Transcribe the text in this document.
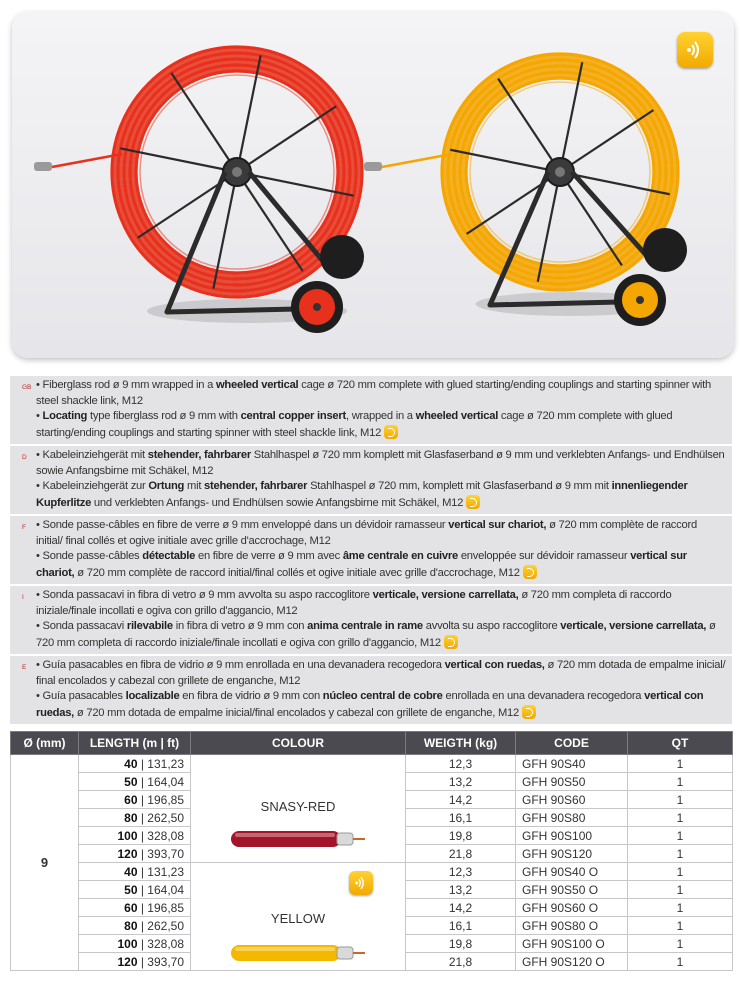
GB • Fiberglass rod ø 9 mm wrapped in a wheeled vertical cage ø 720 mm complete with glued starting/ending couplings and starting spinner with steel shackle link, M12
• Locating type fiberglass rod ø 9 mm with central copper insert, wrapped in a wheeled vertical cage ø 720 mm complete with glued starting/ending couplings and starting spinner with steel shackle link, M12
D • Kabeleinziehgerät mit stehender, fahrbarer Stahlhaspel ø 720 mm komplett mit Glasfaserband ø 9 mm und verklebten Anfangs- und Endhülsen sowie Anfangsbirne mit Schäkel, M12
• Kabeleinziehgerät zur Ortung mit stehender, fahrbarer Stahlhaspel ø 720 mm, komplett mit Glasfaserband ø 9 mm mit innenliegender Kupferlitze und verklebten Anfangs- und Endhülsen sowie Anfangsbirne mit Schäkel, M12
F • Sonde passe-câbles en fibre de verre ø 9 mm enveloppé dans un dévidoir ramasseur vertical sur chariot, ø 720 mm complète de raccord initial/ final collés et ogive initiale avec grille d'accrochage, M12
• Sonde passe-câbles détectable en fibre de verre ø 9 mm avec âme centrale en cuivre enveloppée sur dévidoir ramasseur vertical sur chariot, ø 720 mm complète de raccord initial/final collés et ogive initiale avec grille d'accrochage, M12
I • Sonda passacavi in fibra di vetro ø 9 mm avvolta su aspo raccoglitore verticale, versione carrellata, ø 720 mm completa di raccordo iniziale/finale incollati e ogiva con grillo d'aggancio, M12
• Sonda passacavi rilevabile in fibra di vetro ø 9 mm con anima centrale in rame avvolta su aspo raccoglitore verticale, versione carrellata, ø 720 mm completa di raccordo iniziale/finale incollati e ogiva con grillo d'aggancio, M12
E • Guía pasacables en fibra de vidrio ø 9 mm enrollada en una devanadera recogedora vertical con ruedas, ø 720 mm dotada de empalme inicial/ final encolados y cabezal con grillete de enganche, M12
• Guía pasacables localizable en fibra de vidrio ø 9 mm con núcleo central de cobre enrollada en una devanadera recogedora vertical con ruedas, ø 720 mm dotada de empalme inicial/final encolados y cabezal con grillete de enganche, M12
Ø (mm)	LENGTH (m | ft)	COLOUR	WEIGTH (kg)	CODE	QT
9	40 | 131,23	SNASY-RED	12,3	GFH 90S40	1
	50 | 164,04		13,2	GFH 90S50	1
	60 | 196,85		14,2	GFH 90S60	1
	80 | 262,50		16,1	GFH 90S80	1
	100 | 328,08		19,8	GFH 90S100	1
	120 | 393,70		21,8	GFH 90S120	1
	40 | 131,23	YELLOW	12,3	GFH 90S40 O	1
	50 | 164,04		13,2	GFH 90S50 O	1
	60 | 196,85		14,2	GFH 90S60 O	1
	80 | 262,50		16,1	GFH 90S80 O	1
	100 | 328,08		19,8	GFH 90S100 O	1
	120 | 393,70		21,8	GFH 90S120 O	1
